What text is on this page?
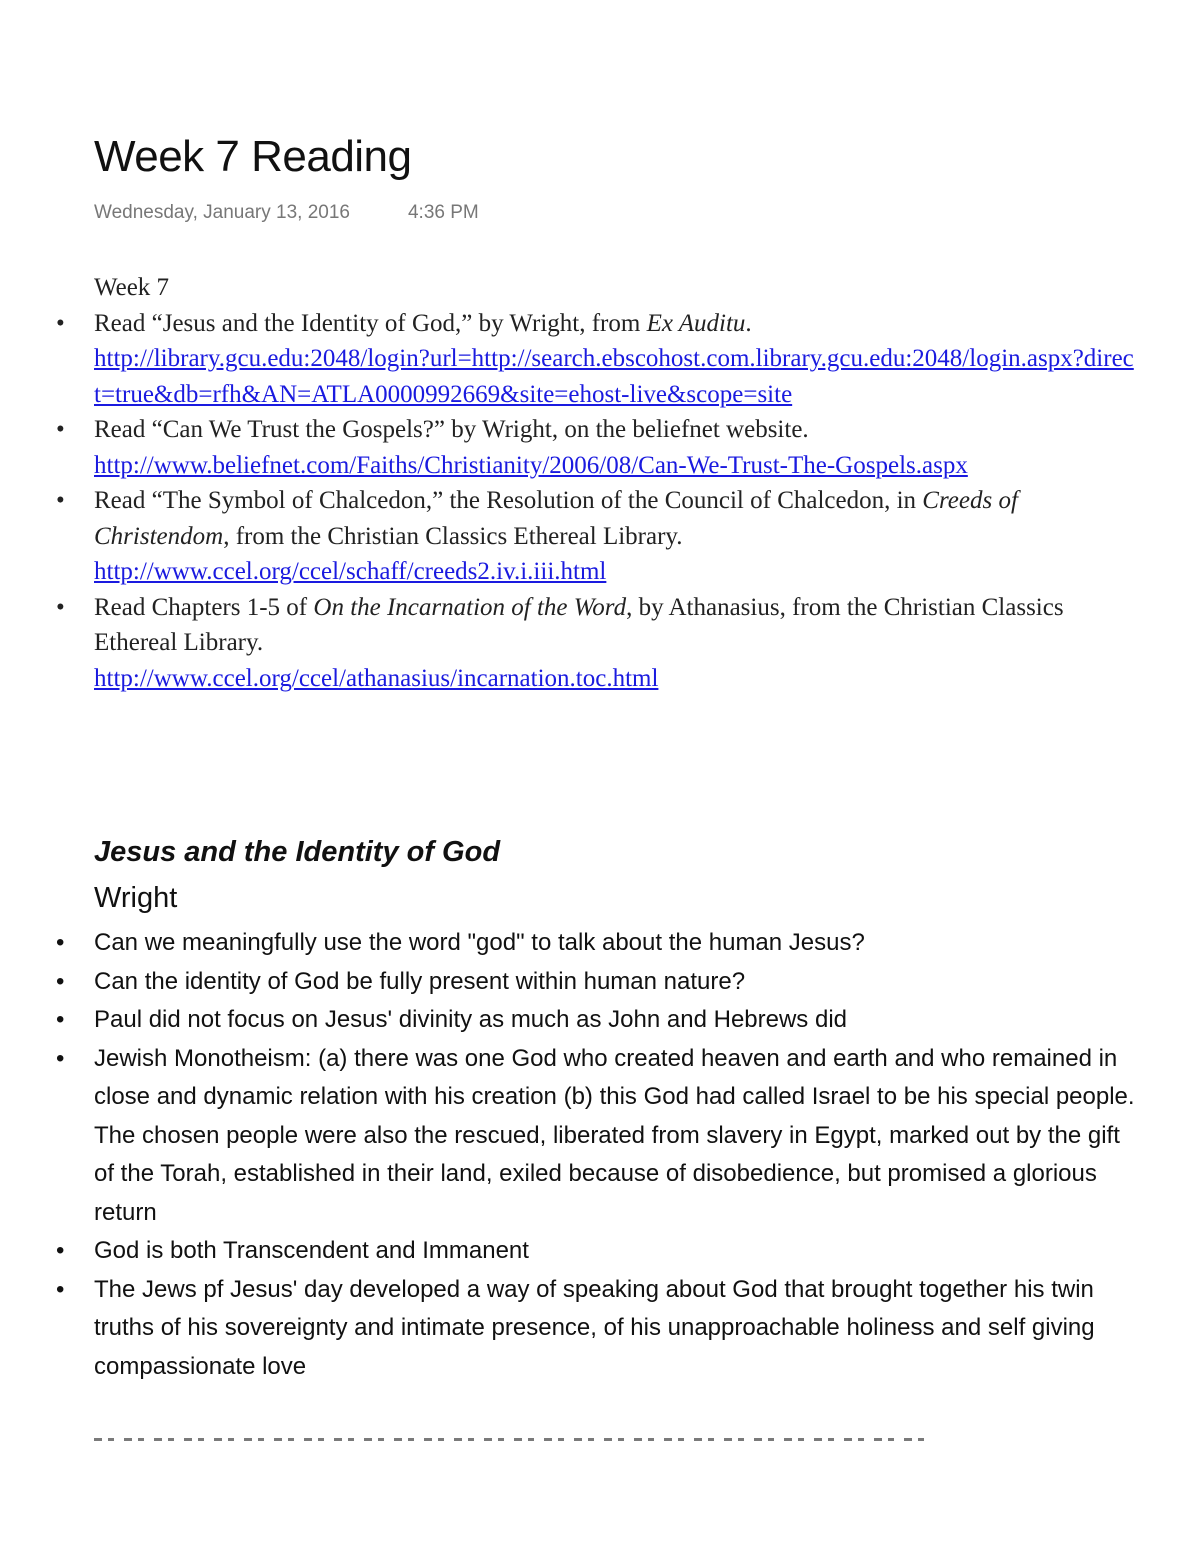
Week 7 Reading
Wednesday, January 13, 2016	4:36 PM
Week 7
•	Read “Jesus and the Identity of God,” by Wright, from Ex Auditu.
http://library.gcu.edu:2048/login?url=http://search.ebscohost.com.library.gcu.edu:2048/login.aspx?direct=true&db=rfh&AN=ATLA0000992669&site=ehost-live&scope=site
•	Read “Can We Trust the Gospels?” by Wright, on the beliefnet website.
http://www.beliefnet.com/Faiths/Christianity/2006/08/Can-We-Trust-The-Gospels.aspx
•	Read “The Symbol of Chalcedon,” the Resolution of the Council of Chalcedon, in Creeds of Christendom, from the Christian Classics Ethereal Library.
http://www.ccel.org/ccel/schaff/creeds2.iv.i.iii.html
•	Read Chapters 1-5 of On the Incarnation of the Word, by Athanasius, from the Christian Classics Ethereal Library.
http://www.ccel.org/ccel/athanasius/incarnation.toc.html
Jesus and the Identity of God
Wright
•	Can we meaningfully use the word "god" to talk about the human Jesus?
•	Can the identity of God be fully present within human nature?
•	Paul did not focus on Jesus' divinity as much as John and Hebrews did
•	Jewish Monotheism: (a) there was one God who created heaven and earth and who remained in close and dynamic relation with his creation (b) this God had called Israel to be his special people. The chosen people were also the rescued, liberated from slavery in Egypt, marked out by the gift of the Torah, established in their land, exiled because of disobedience, but promised a glorious return
•	God is both Transcendent and Immanent
•	The Jews pf Jesus' day developed a way of speaking about God that brought together his twin truths of his sovereignty and intimate presence, of his unapproachable holiness and self giving compassionate love
